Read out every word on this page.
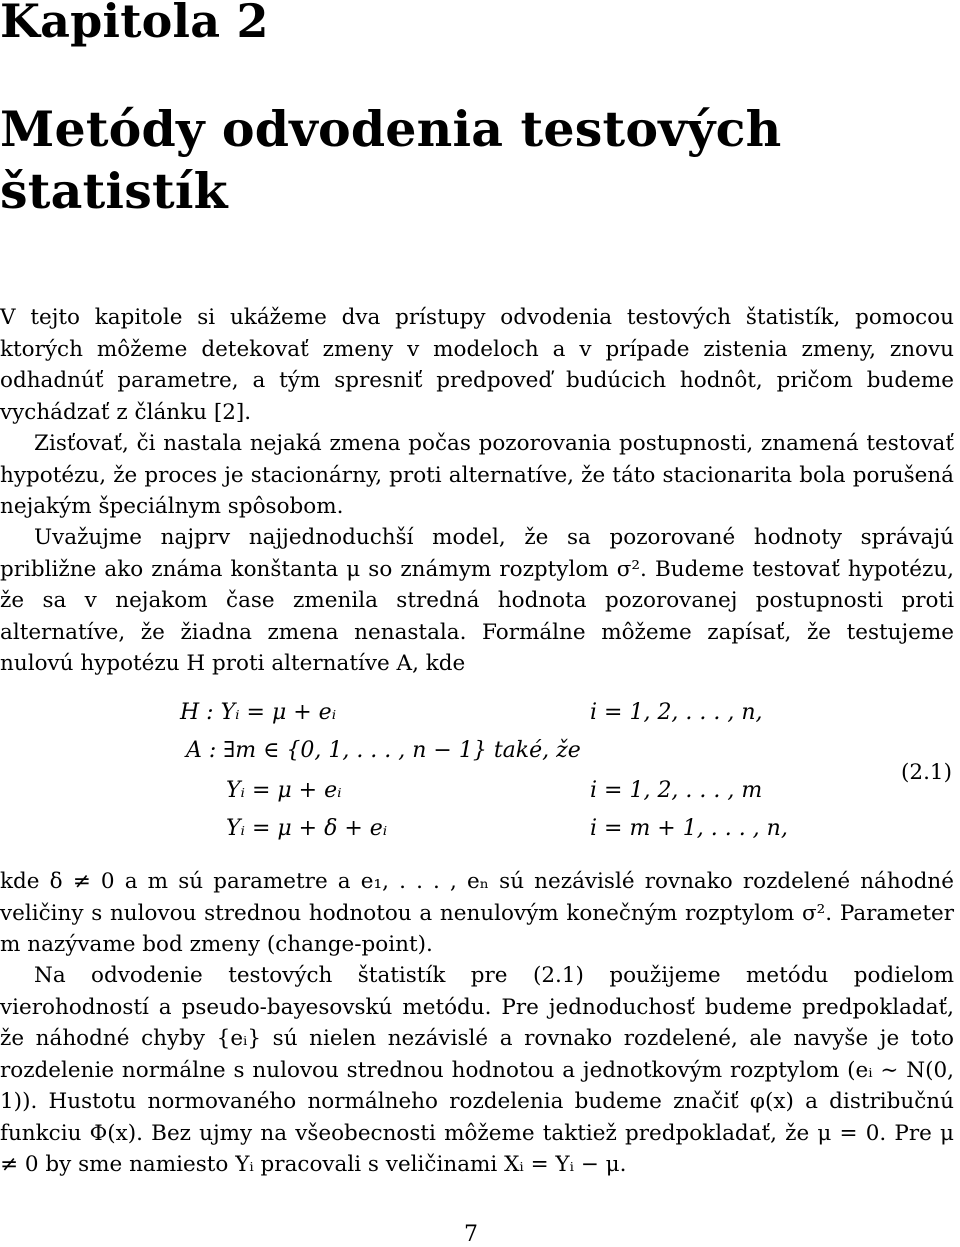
Kapitola 2
Metódy odvodenia testových
štatistík

V tejto kapitole si ukážeme dva prístupy odvodenia testových štatistík, pomocou ktorých môžeme detekovať zmeny v modeloch a v prípade zistenia zmeny, znovu odhadnúť parametre, a tým spresniť predpoveď budúcich hodnôt, pričom budeme vychádzať z článku [2].

Zisťovať, či nastala nejaká zmena počas pozorovania postupnosti, znamená testovať hypotézu, že proces je stacionárny, proti alternatíve, že táto stacionarita bola porušená nejakým špeciálnym spôsobom.

Uvažujme najprv najjednoduchší model, že sa pozorované hodnoty správajú približne ako známa konštanta μ so známym rozptylom σ². Budeme testovať hypotézu, že sa v nejakom čase zmenila stredná hodnota pozorovanej postupnosti proti alternatíve, že žiadna zmena nenastala. Formálne môžeme zapísať, že testujeme nulovú hypotézu H proti alternatíve A, kde

H : Yᵢ = μ + eᵢ	i = 1, 2, . . . , n,
A : ∃m ∈ {0, 1, . . . , n − 1} také, že
Yᵢ = μ + eᵢ	i = 1, 2, . . . , m
Yᵢ = μ + δ + eᵢ	i = m + 1, . . . , n,
(2.1)

kde δ ≠ 0 a m sú parametre a e₁, . . . , eₙ sú nezávislé rovnako rozdelené náhodné veličiny s nulovou strednou hodnotou a nenulovým konečným rozptylom σ². Parameter m nazývame bod zmeny (change-point).

Na odvodenie testových štatistík pre (2.1) použijeme metódu podielom vierohodností a pseudo-bayesovskú metódu. Pre jednoduchosť budeme predpokladať, že náhodné chyby {eᵢ} sú nielen nezávislé a rovnako rozdelené, ale navyše je toto rozdelenie normálne s nulovou strednou hodnotou a jednotkovým rozptylom (eᵢ ∼ N(0, 1)). Hustotu normovaného normálneho rozdelenia budeme značiť φ(x) a distribučnú funkciu Φ(x). Bez ujmy na všeobecnosti môžeme taktiež predpokladať, že μ = 0. Pre μ ≠ 0 by sme namiesto Yᵢ pracovali s veličinami Xᵢ = Yᵢ − μ.

7
